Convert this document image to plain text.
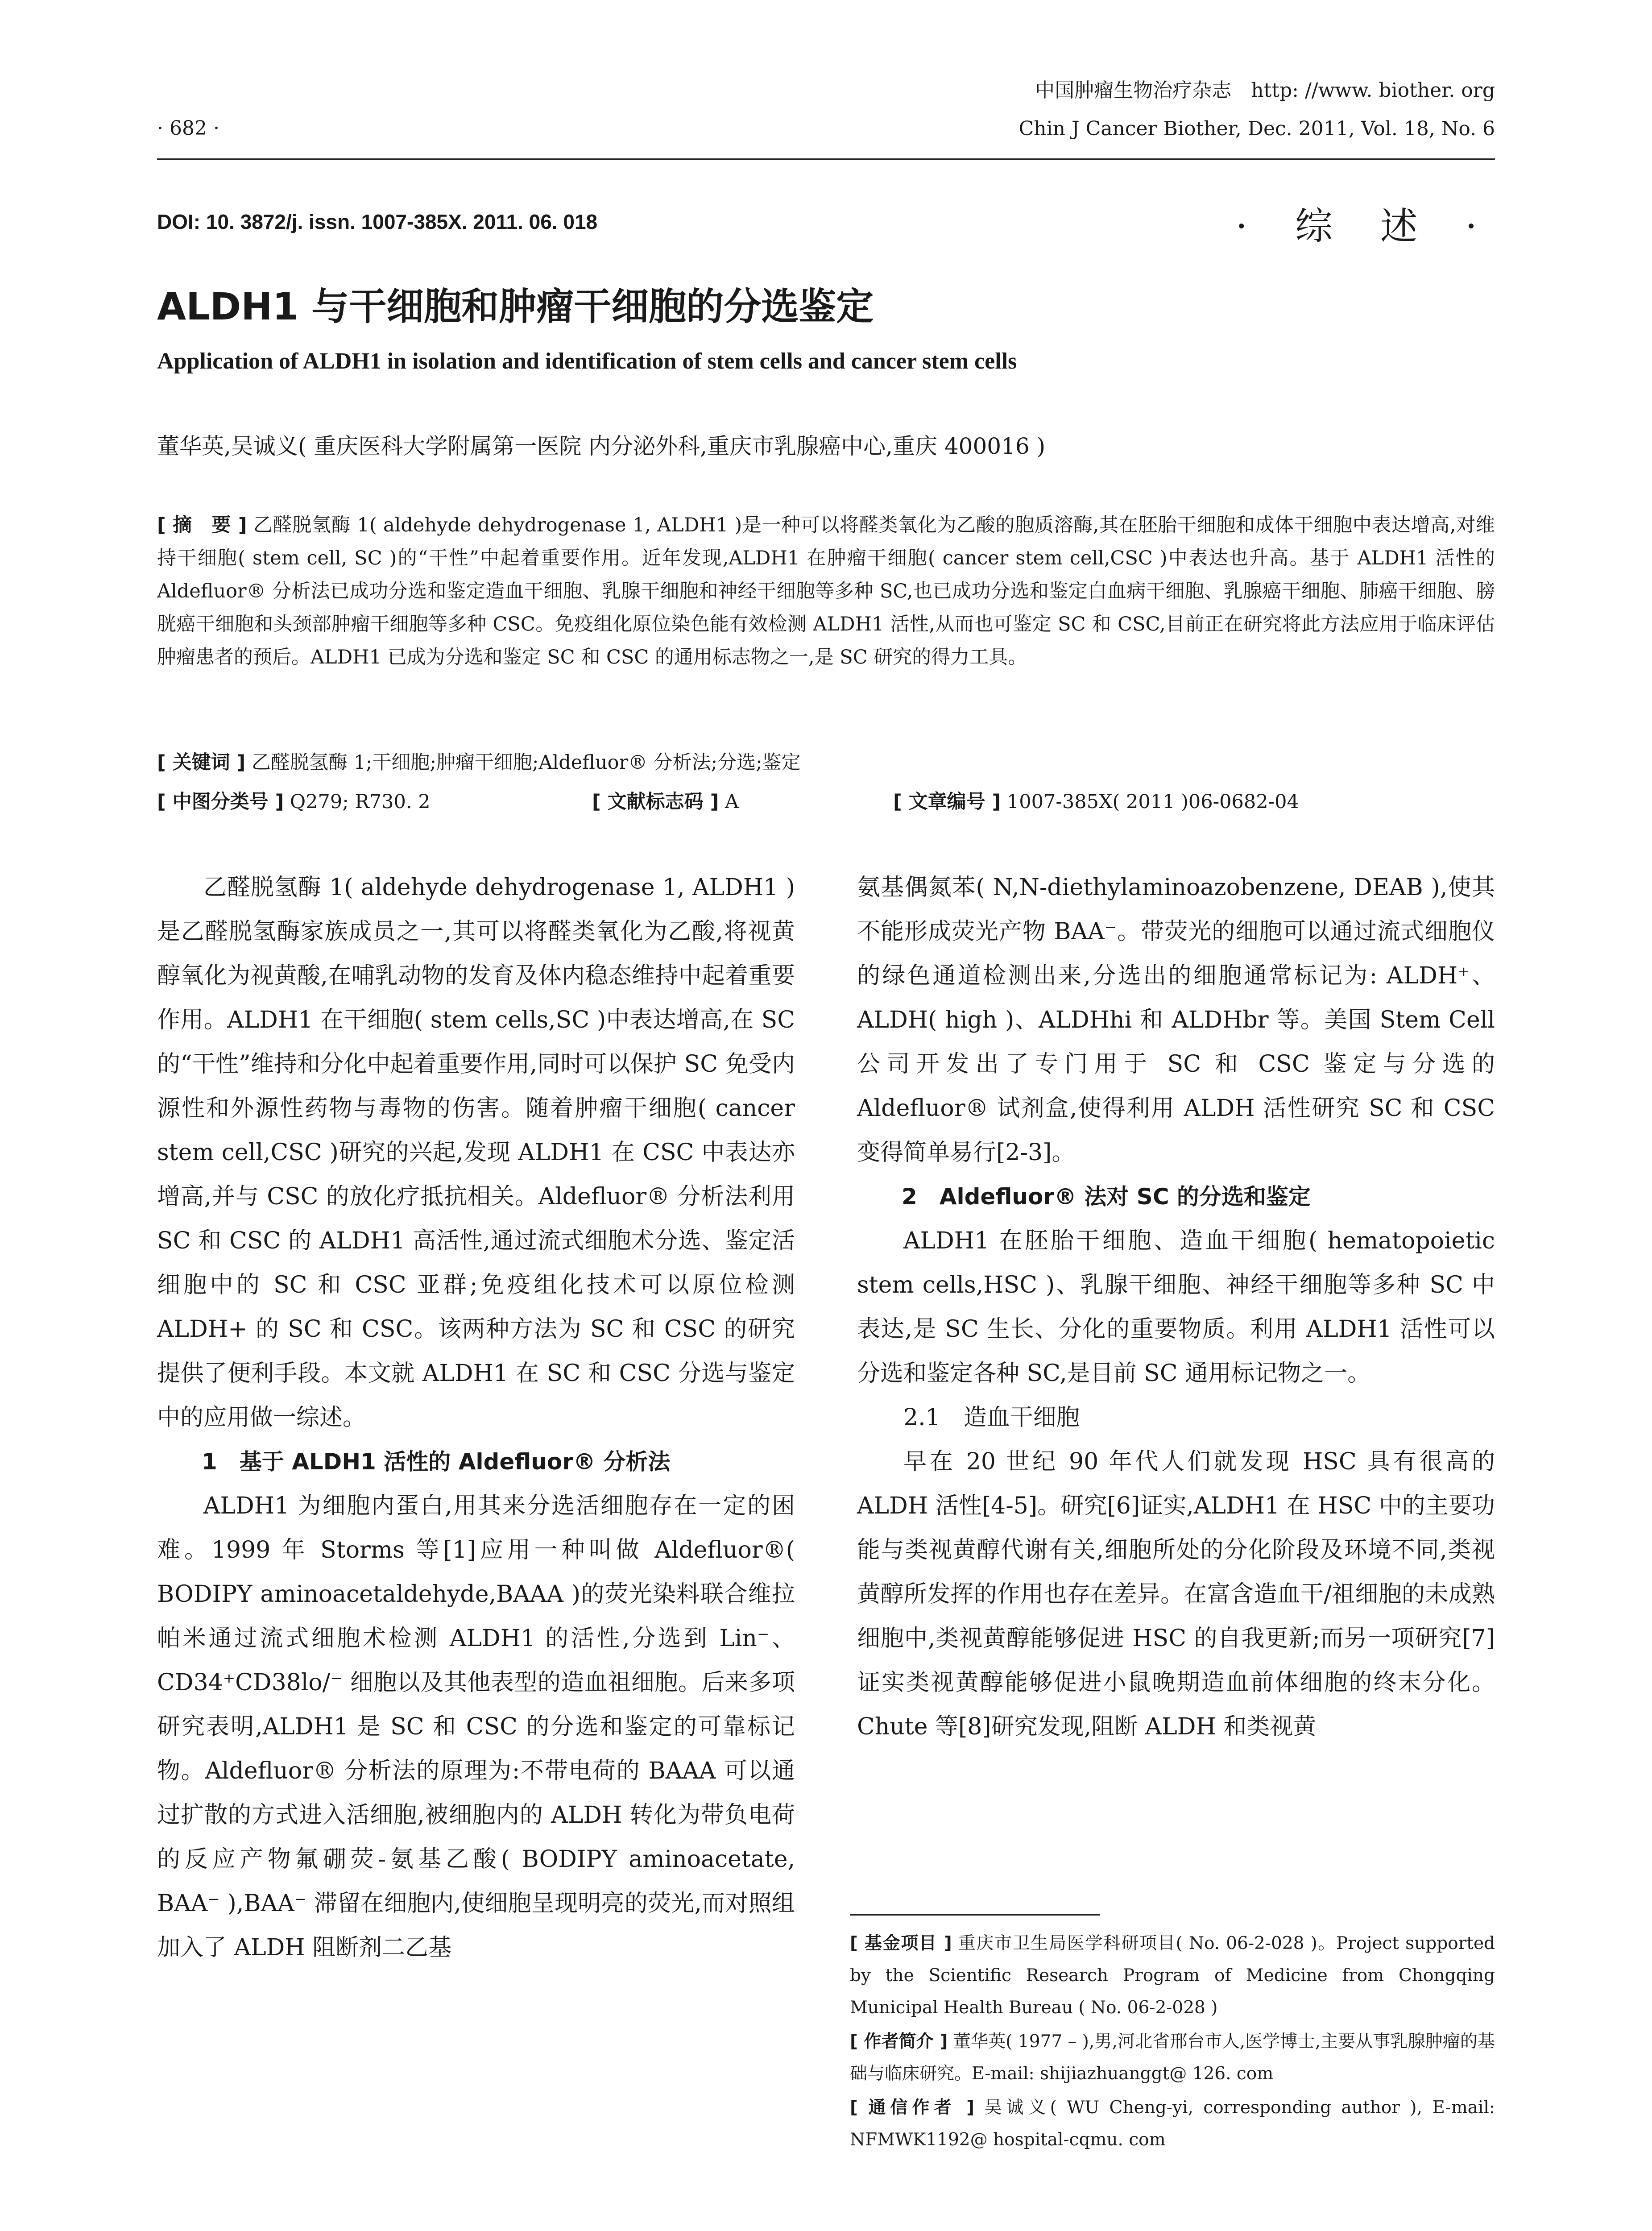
· 682 ·
中国肿瘤生物治疗杂志　http: //www. biother. org
Chin J Cancer Biother, Dec. 2011, Vol. 18, No. 6
DOI: 10. 3872/j. issn. 1007-385X. 2011. 06. 018	· 综 述 ·
ALDH1 与干细胞和肿瘤干细胞的分选鉴定
Application of ALDH1 in isolation and identification of stem cells and cancer stem cells
董华英,吴诚义( 重庆医科大学附属第一医院 内分泌外科,重庆市乳腺癌中心,重庆 400016 )
[ 摘　要 ] 乙醛脱氢酶 1( aldehyde dehydrogenase 1, ALDH1 )是一种可以将醛类氧化为乙酸的胞质溶酶,其在胚胎干细胞和成体干细胞中表达增高,对维持干细胞( stem cell, SC )的“干性”中起着重要作用。近年发现,ALDH1 在肿瘤干细胞( cancer stem cell,CSC )中表达也升高。基于 ALDH1 活性的 Aldefluor® 分析法已成功分选和鉴定造血干细胞、乳腺干细胞和神经干细胞等多种 SC,也已成功分选和鉴定白血病干细胞、乳腺癌干细胞、肺癌干细胞、膀胱癌干细胞和头颈部肿瘤干细胞等多种 CSC。免疫组化原位染色能有效检测 ALDH1 活性,从而也可鉴定 SC 和 CSC,目前正在研究将此方法应用于临床评估肿瘤患者的预后。ALDH1 已成为分选和鉴定 SC 和 CSC 的通用标志物之一,是 SC 研究的得力工具。
[ 关键词 ] 乙醛脱氢酶 1;干细胞;肿瘤干细胞;Aldefluor® 分析法;分选;鉴定
[ 中图分类号 ] Q279; R730. 2	[ 文献标志码 ] A	[ 文章编号 ] 1007-385X( 2011 )06-0682-04

乙醛脱氢酶 1( aldehyde dehydrogenase 1, ALDH1 )是乙醛脱氢酶家族成员之一,其可以将醛类氧化为乙酸,将视黄醇氧化为视黄酸,在哺乳动物的发育及体内稳态维持中起着重要作用。ALDH1 在干细胞( stem cells,SC )中表达增高,在 SC 的“干性”维持和分化中起着重要作用,同时可以保护 SC 免受内源性和外源性药物与毒物的伤害。随着肿瘤干细胞( cancer stem cell,CSC )研究的兴起,发现 ALDH1 在 CSC 中表达亦增高,并与 CSC 的放化疗抵抗相关。Aldefluor® 分析法利用 SC 和 CSC 的 ALDH1 高活性,通过流式细胞术分选、鉴定活细胞中的 SC 和 CSC 亚群;免疫组化技术可以原位检测 ALDH+ 的 SC 和 CSC。该两种方法为 SC 和 CSC 的研究提供了便利手段。本文就 ALDH1 在 SC 和 CSC 分选与鉴定中的应用做一综述。

1　基于 ALDH1 活性的 Aldefluor® 分析法

ALDH1 为细胞内蛋白,用其来分选活细胞存在一定的困难。1999 年 Storms 等[1]应用一种叫做 Aldefluor®( BODIPY aminoacetaldehyde,BAAA )的荧光染料联合维拉帕米通过流式细胞术检测 ALDH1 的活性,分选到 Lin⁻、CD34⁺CD38lo/⁻ 细胞以及其他表型的造血祖细胞。后来多项研究表明,ALDH1 是 SC 和 CSC 的分选和鉴定的可靠标记物。Aldefluor® 分析法的原理为:不带电荷的 BAAA 可以通过扩散的方式进入活细胞,被细胞内的 ALDH 转化为带负电荷的反应产物氟硼荧-氨基乙酸( BODIPY aminoacetate, BAA⁻ ),BAA⁻ 滞留在细胞内,使细胞呈现明亮的荧光,而对照组加入了 ALDH 阻断剂二乙基

氨基偶氮苯( N,N-diethylaminoazobenzene, DEAB ),使其不能形成荧光产物 BAA⁻。带荧光的细胞可以通过流式细胞仪的绿色通道检测出来,分选出的细胞通常标记为: ALDH⁺、ALDH( high )、ALDHhi 和 ALDHbr 等。美国 Stem Cell 公司开发出了专门用于 SC 和 CSC 鉴定与分选的 Aldefluor® 试剂盒,使得利用 ALDH 活性研究 SC 和 CSC 变得简单易行[2-3]。

2　Aldefluor® 法对 SC 的分选和鉴定

ALDH1 在胚胎干细胞、造血干细胞( hematopoietic stem cells,HSC )、乳腺干细胞、神经干细胞等多种 SC 中表达,是 SC 生长、分化的重要物质。利用 ALDH1 活性可以分选和鉴定各种 SC,是目前 SC 通用标记物之一。

2.1　造血干细胞

早在 20 世纪 90 年代人们就发现 HSC 具有很高的 ALDH 活性[4-5]。研究[6]证实,ALDH1 在 HSC 中的主要功能与类视黄醇代谢有关,细胞所处的分化阶段及环境不同,类视黄醇所发挥的作用也存在差异。在富含造血干/祖细胞的未成熟细胞中,类视黄醇能够促进 HSC 的自我更新;而另一项研究[7]证实类视黄醇能够促进小鼠晚期造血前体细胞的终末分化。Chute 等[8]研究发现,阻断 ALDH 和类视黄

[ 基金项目 ] 重庆市卫生局医学科研项目( No. 06-2-028 )。Project supported by the Scientific Research Program of Medicine from Chongqing Municipal Health Bureau ( No. 06-2-028 )

[ 作者简介 ] 董华英( 1977 – ),男,河北省邢台市人,医学博士,主要从事乳腺肿瘤的基础与临床研究。E-mail: shijiazhuanggt@ 126. com

[ 通信作者 ] 吴诚义( WU Cheng-yi, corresponding author ), E-mail: NFMWK1192@ hospital-cqmu. com
